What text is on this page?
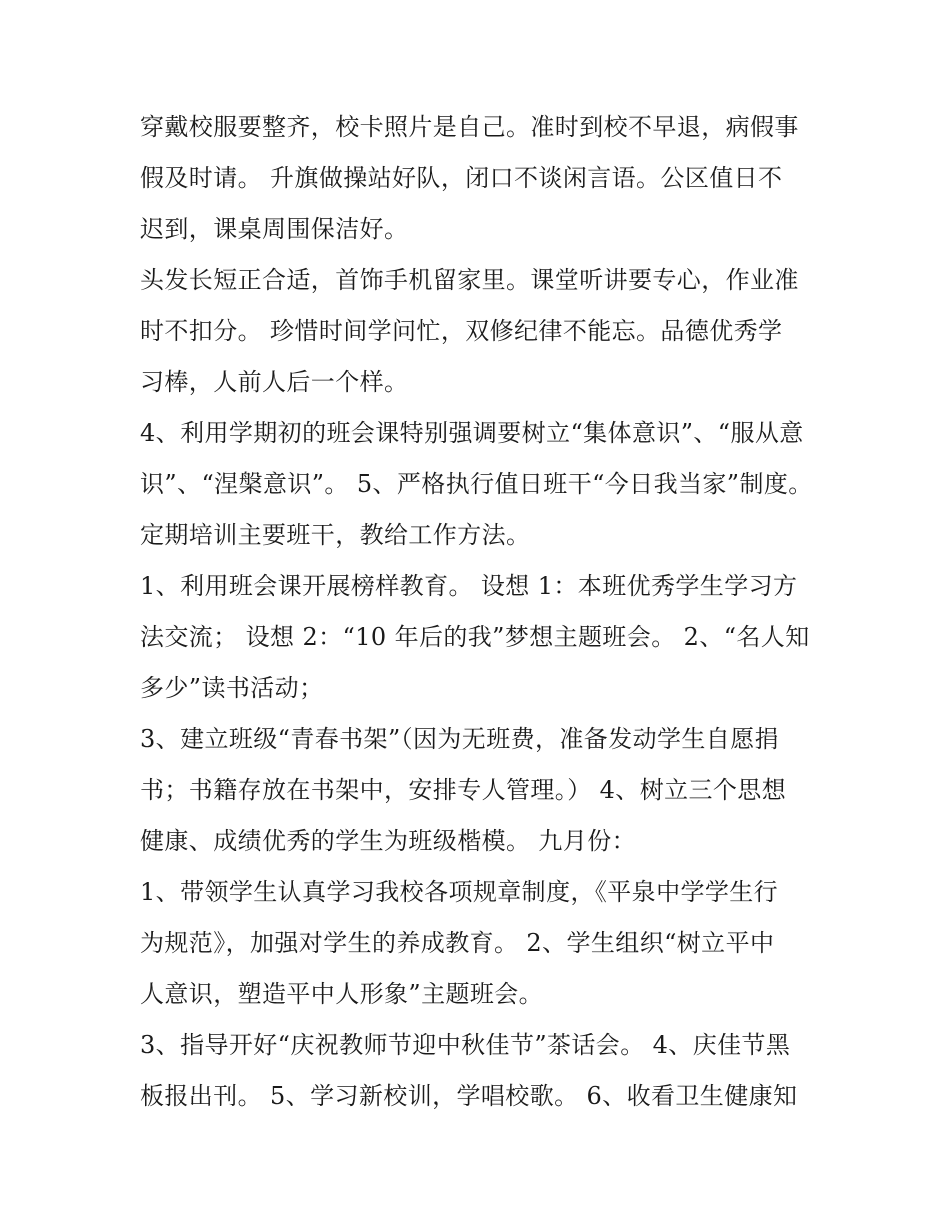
穿戴校服要整齐，校卡照片是自己。准时到校不早退，病假事
假及时请。 升旗做操站好队，闭口不谈闲言语。公区值日不
迟到，课桌周围保洁好。
头发长短正合适，首饰手机留家里。课堂听讲要专心，作业准
时不扣分。 珍惜时间学问忙，双修纪律不能忘。品德优秀学
习棒，人前人后一个样。
4、利用学期初的班会课特别强调要树立“集体意识”、“服从意
识”、“涅槃意识”。 5、严格执行值日班干“今日我当家”制度。
定期培训主要班干，教给工作方法。
1、利用班会课开展榜样教育。 设想 1：本班优秀学生学习方
法交流； 设想 2：“10 年后的我”梦想主题班会。 2、“名人知
多少”读书活动；
3、建立班级“青春书架”（因为无班费，准备发动学生自愿捐
书；书籍存放在书架中，安排专人管理。） 4、树立三个思想
健康、成绩优秀的学生为班级楷模。 九月份：
1、带领学生认真学习我校各项规章制度，《平泉中学学生行
为规范》，加强对学生的养成教育。 2、学生组织“树立平中
人意识，塑造平中人形象”主题班会。
3、指导开好“庆祝教师节迎中秋佳节”茶话会。 4、庆佳节黑
板报出刊。 5、学习新校训，学唱校歌。 6、收看卫生健康知
